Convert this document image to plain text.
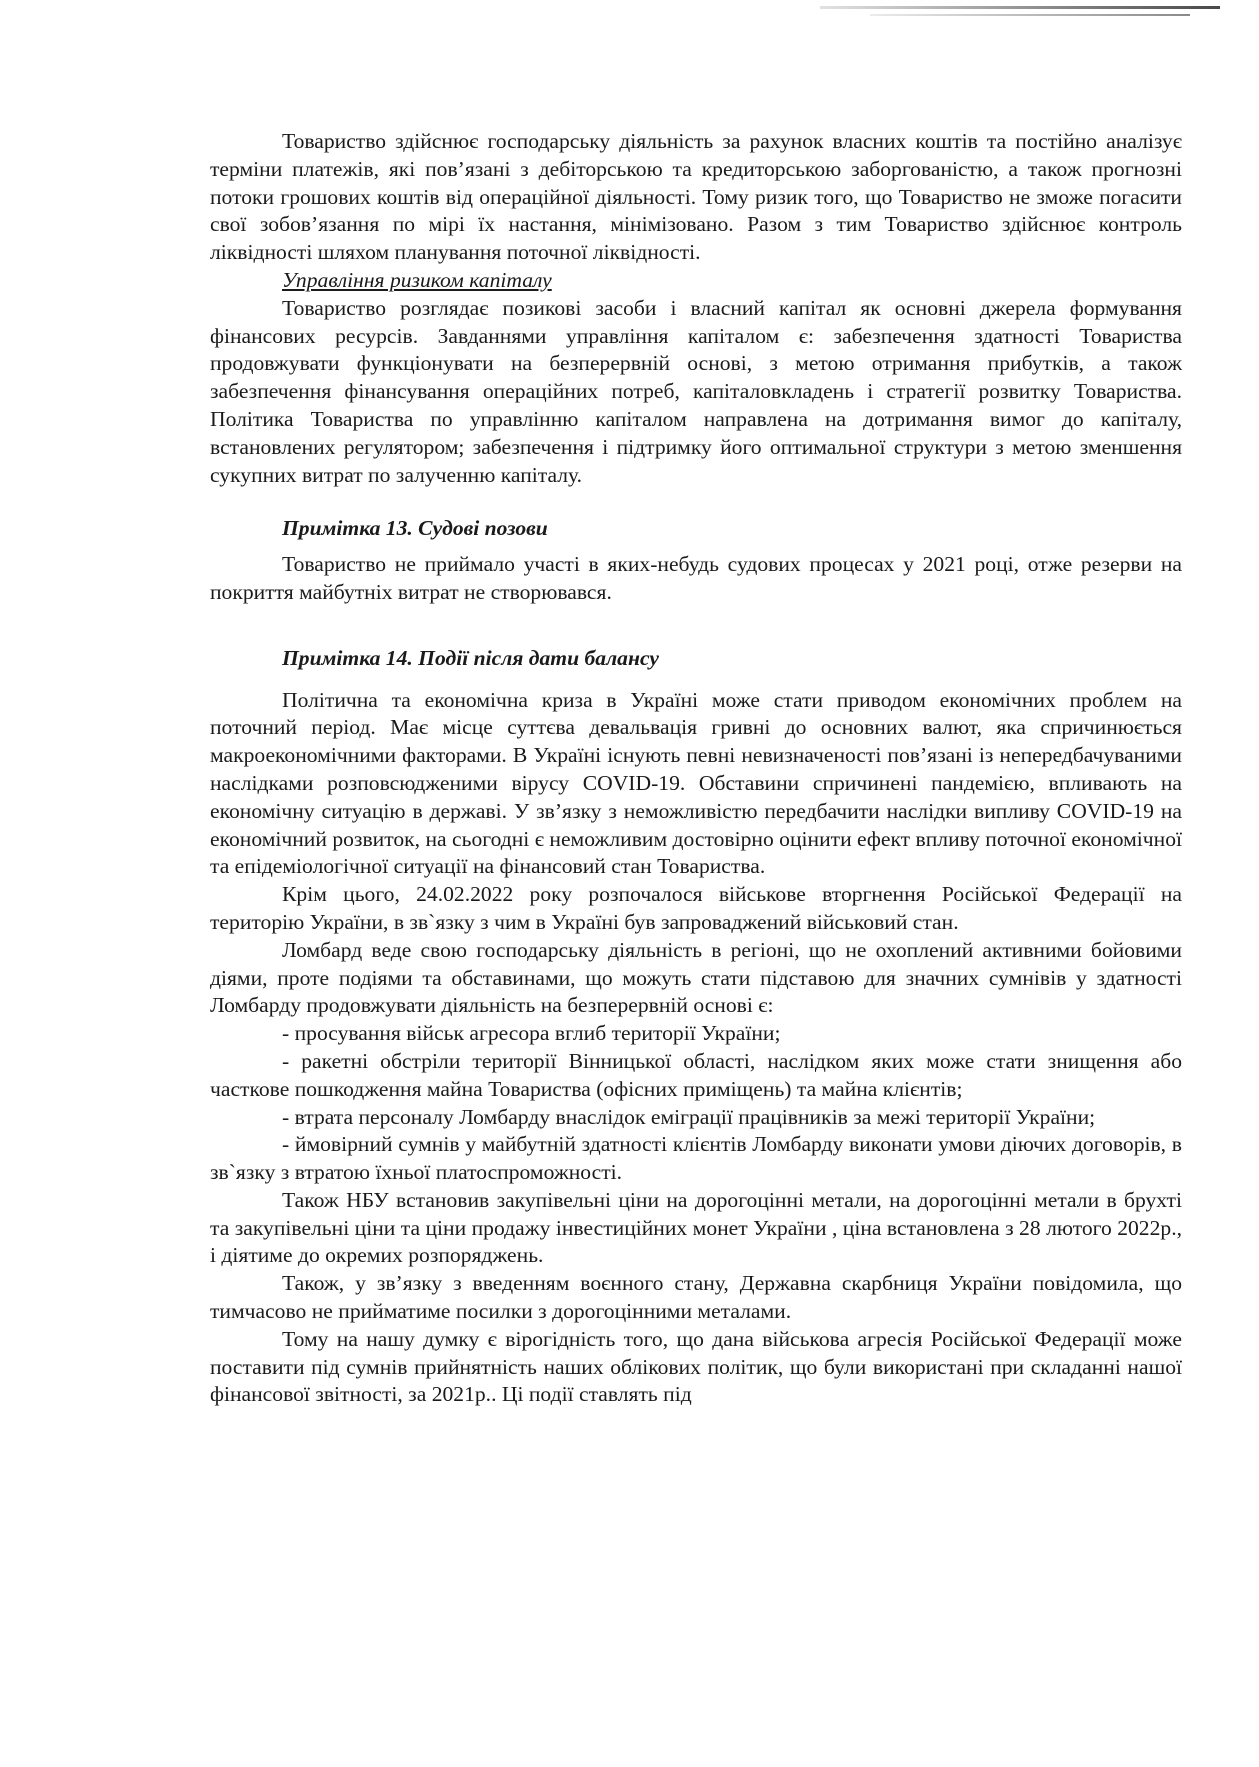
Товариство здійснює господарську діяльність за рахунок власних коштів та постійно аналізує терміни платежів, які пов’язані з дебіторською та кредиторською заборгованістю, а також прогнозні потоки грошових коштів від операційної діяльності. Тому ризик того, що Товариство не зможе погасити свої зобов’язання по мірі їх настання, мінімізовано. Разом з тим Товариство здійснює контроль ліквідності шляхом планування поточної ліквідності.

Управління ризиком капіталу

Товариство розглядає позикові засоби і власний капітал як основні джерела формування фінансових ресурсів. Завданнями управління капіталом є: забезпечення здатності Товариства продовжувати функціонувати на безперервній основі, з метою отримання прибутків, а також забезпечення фінансування операційних потреб, капіталовкладень і стратегії розвитку Товариства. Політика Товариства по управлінню капіталом направлена на дотримання вимог до капіталу, встановлених регулятором; забезпечення і підтримку його оптимальної структури з метою зменшення сукупних витрат по залученню капіталу.

Примітка 13. Судові позови

Товариство не приймало участі в яких-небудь судових процесах у 2021 році, отже резерви на покриття майбутніх витрат не створювався.

Примітка 14. Події після дати балансу

Політична та економічна криза в Україні може стати приводом економічних проблем на поточний період. Має місце суттєва девальвація гривні до основних валют, яка спричинюється макроекономічними факторами. В Україні існують певні невизначеності пов’язані із непередбачуваними наслідками розповсюдженими вірусу COVID-19. Обставини спричинені пандемією, впливають на економічну ситуацію в державі. У зв’язку з неможливістю передбачити наслідки випливу COVID-19 на економічний розвиток, на сьогодні є неможливим достовірно оцінити ефект впливу поточної економічної та епідеміологічної ситуації на фінансовий стан Товариства.

Крім цього, 24.02.2022 року розпочалося військове вторгнення Російської Федерації на територію України, в зв`язку з чим в Україні був запроваджений військовий стан.

Ломбард веде свою господарську діяльність в регіоні, що не охоплений активними бойовими діями, проте подіями та обставинами, що можуть стати підставою для значних сумнівів у здатності Ломбарду продовжувати діяльність на безперервній основі є:

- просування військ агресора вглиб території України;

- ракетні обстріли території Вінницької області, наслідком яких може стати знищення або часткове пошкодження майна Товариства (офісних приміщень) та майна клієнтів;

- втрата персоналу Ломбарду внаслідок еміграції працівників за межі території України;

- ймовірний сумнів у майбутній здатності клієнтів Ломбарду виконати умови діючих договорів, в зв`язку з втратою їхньої платоспроможності.

Також НБУ встановив закупівельні ціни на дорогоцінні метали, на дорогоцінні метали в брухті та закупівельні ціни та ціни продажу інвестиційних монет України , ціна встановлена з 28 лютого 2022р., і діятиме до окремих розпоряджень.

Також, у зв’язку з введенням воєнного стану, Державна скарбниця України повідомила, що тимчасово не прийматиме посилки з дорогоцінними металами.

Тому на нашу думку є вірогідність того, що дана військова агресія Російської Федерації може поставити під сумнів прийнятність наших облікових політик, що були використані при складанні нашої фінансової звітності, за 2021р.. Ці події ставлять під
